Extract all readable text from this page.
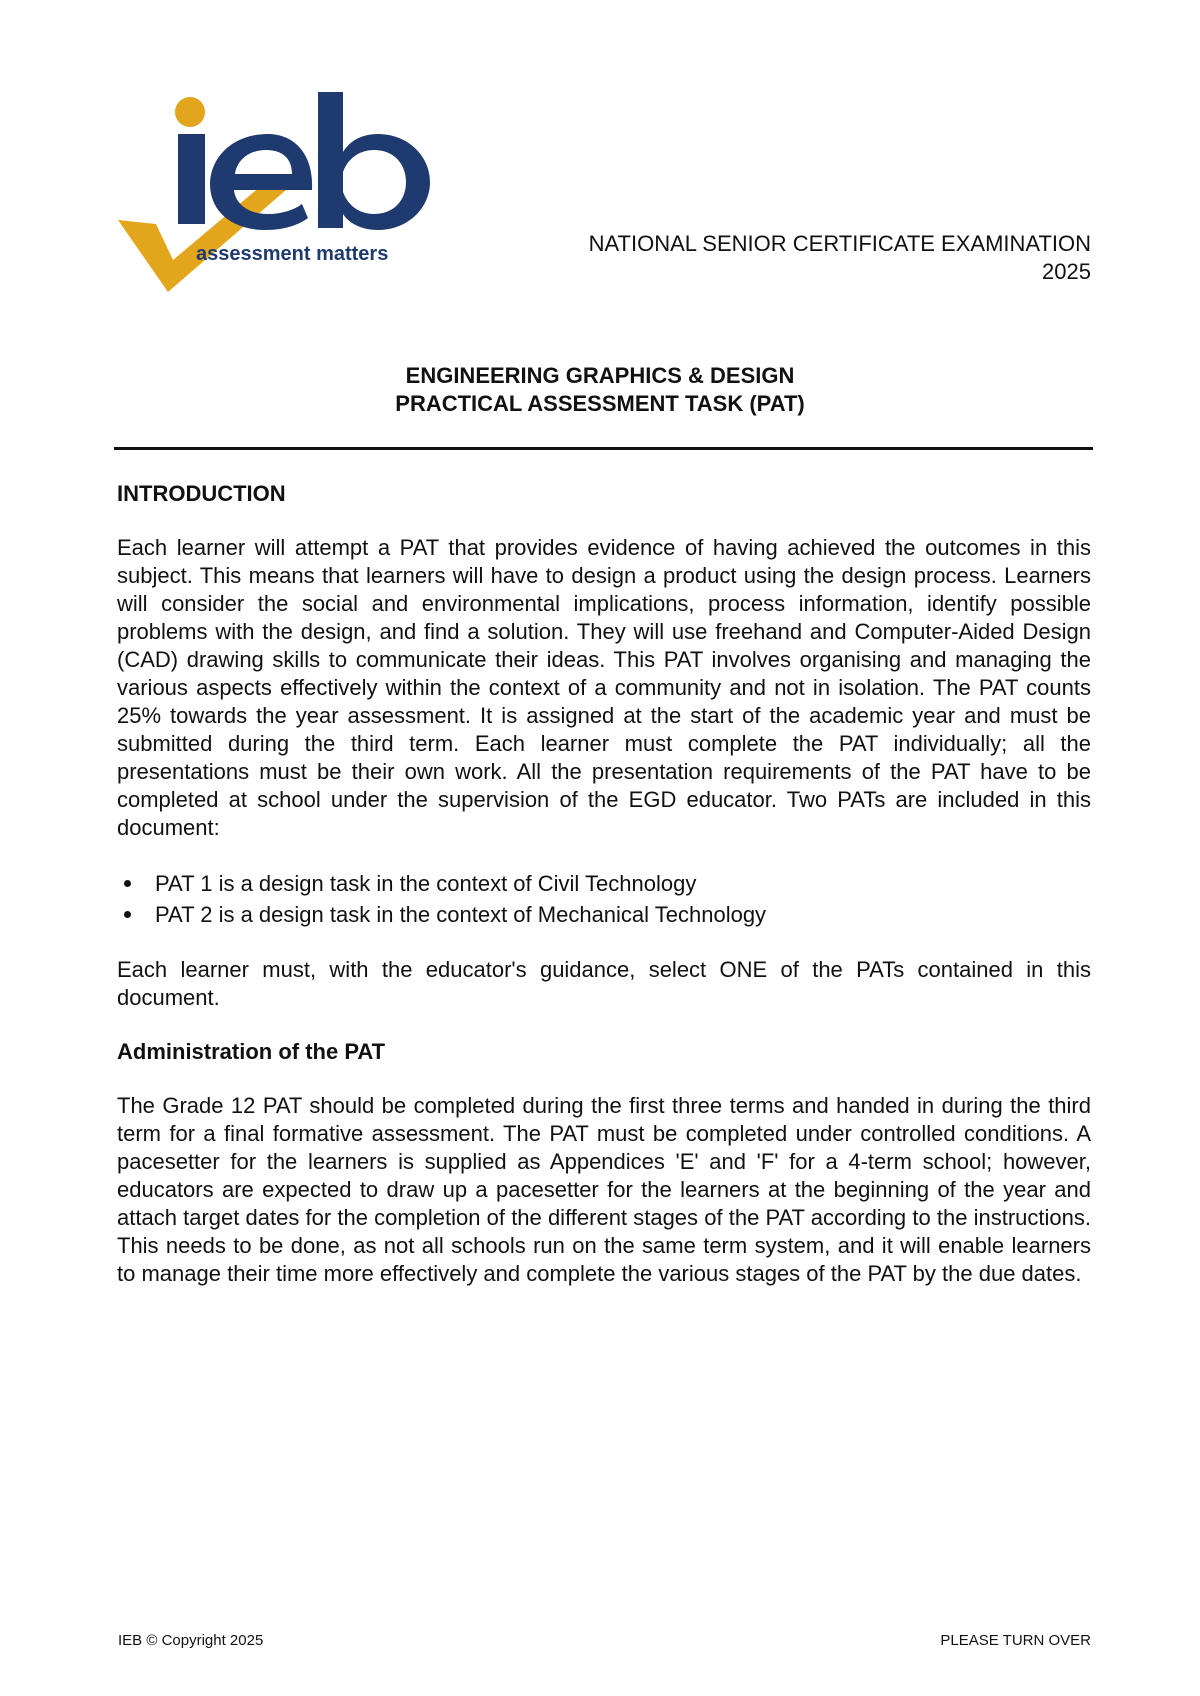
assessment matters	NATIONAL SENIOR CERTIFICATE EXAMINATION
2025
ENGINEERING GRAPHICS & DESIGN
PRACTICAL ASSESSMENT TASK (PAT)
INTRODUCTION

Each learner will attempt a PAT that provides evidence of having achieved the outcomes in this subject. This means that learners will have to design a product using the design process. Learners will consider the social and environmental implications, process information, identify possible problems with the design, and find a solution. They will use freehand and Computer-Aided Design (CAD) drawing skills to communicate their ideas. This PAT involves organising and managing the various aspects effectively within the context of a community and not in isolation. The PAT counts 25% towards the year assessment. It is assigned at the start of the academic year and must be submitted during the third term. Each learner must complete the PAT individually; all the presentations must be their own work. All the presentation requirements of the PAT have to be completed at school under the supervision of the EGD educator. Two PATs are included in this document:

PAT 1 is a design task in the context of Civil Technology
PAT 2 is a design task in the context of Mechanical Technology

Each learner must, with the educator's guidance, select ONE of the PATs contained in this document.

Administration of the PAT

The Grade 12 PAT should be completed during the first three terms and handed in during the third term for a final formative assessment. The PAT must be completed under controlled conditions. A pacesetter for the learners is supplied as Appendices 'E' and 'F' for a 4-term school; however, educators are expected to draw up a pacesetter for the learners at the beginning of the year and attach target dates for the completion of the different stages of the PAT according to the instructions. This needs to be done, as not all schools run on the same term system, and it will enable learners to manage their time more effectively and complete the various stages of the PAT by the due dates.

IEB © Copyright 2025	PLEASE TURN OVER
